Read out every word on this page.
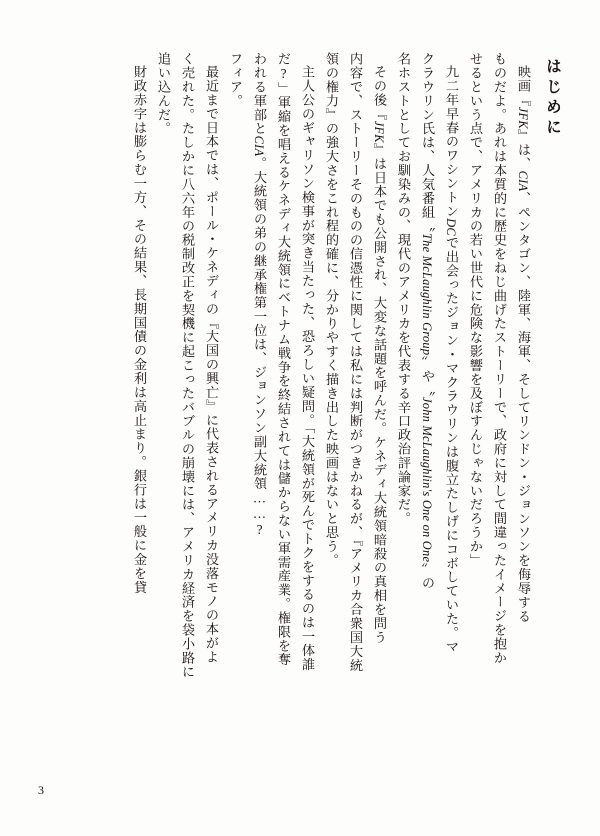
はじめに
映画『JFK』は、CIA、ペンタゴン、陸軍、海軍、そしてリンドン・ジョンソンを侮辱する
ものだよ。あれは本質的に歴史をねじ曲げたストーリーで、政府に対して間違ったイメージを抱か
せるという点で、アメリカの若い世代に危険な影響を及ぼすんじゃないだろうか」
九二年早春のワシントンDCで出会ったジョン・マクラウリンは腹立たしげにコボしていた。マ
クラウリン氏は、人気番組〝The McLaughlin Group〟や〝John McLaughlin's One on One〟の
名ホストとしてお馴染みの、現代のアメリカを代表する辛口政治評論家だ。
その後『JFK』は日本でも公開され、大変な話題を呼んだ。ケネディ大統領暗殺の真相を問う
内容で、ストーリーそのものの信憑性に関しては私には判断がつきかねるが、『アメリカ合衆国大統
領の権力』の強大さをこれ程的確に、分かりやすく描き出した映画はないと思う。
主人公のギャリソン検事が突き当たった、恐ろしい疑問。「大統領が死んでトクをするのは一体誰
だ?」軍縮を唱えるケネディ大統領にベトナム戦争を終結されては儲からない軍需産業。権限を奪
われる軍部とCIA。大統領の弟の継承権第一位は、ジョンソン副大統領……?
フィア。
最近まで日本では、ポール・ケネディの『大国の興亡』に代表されるアメリカ没落モノの本がよ
く売れた。たしかに八六年の税制改正を契機に起こったバブルの崩壊には、アメリカ経済を袋小路に
追い込んだ。
財政赤字は膨らむ一方、その結果、長期国債の金利は高止まり。銀行は一般に金を貸
3
